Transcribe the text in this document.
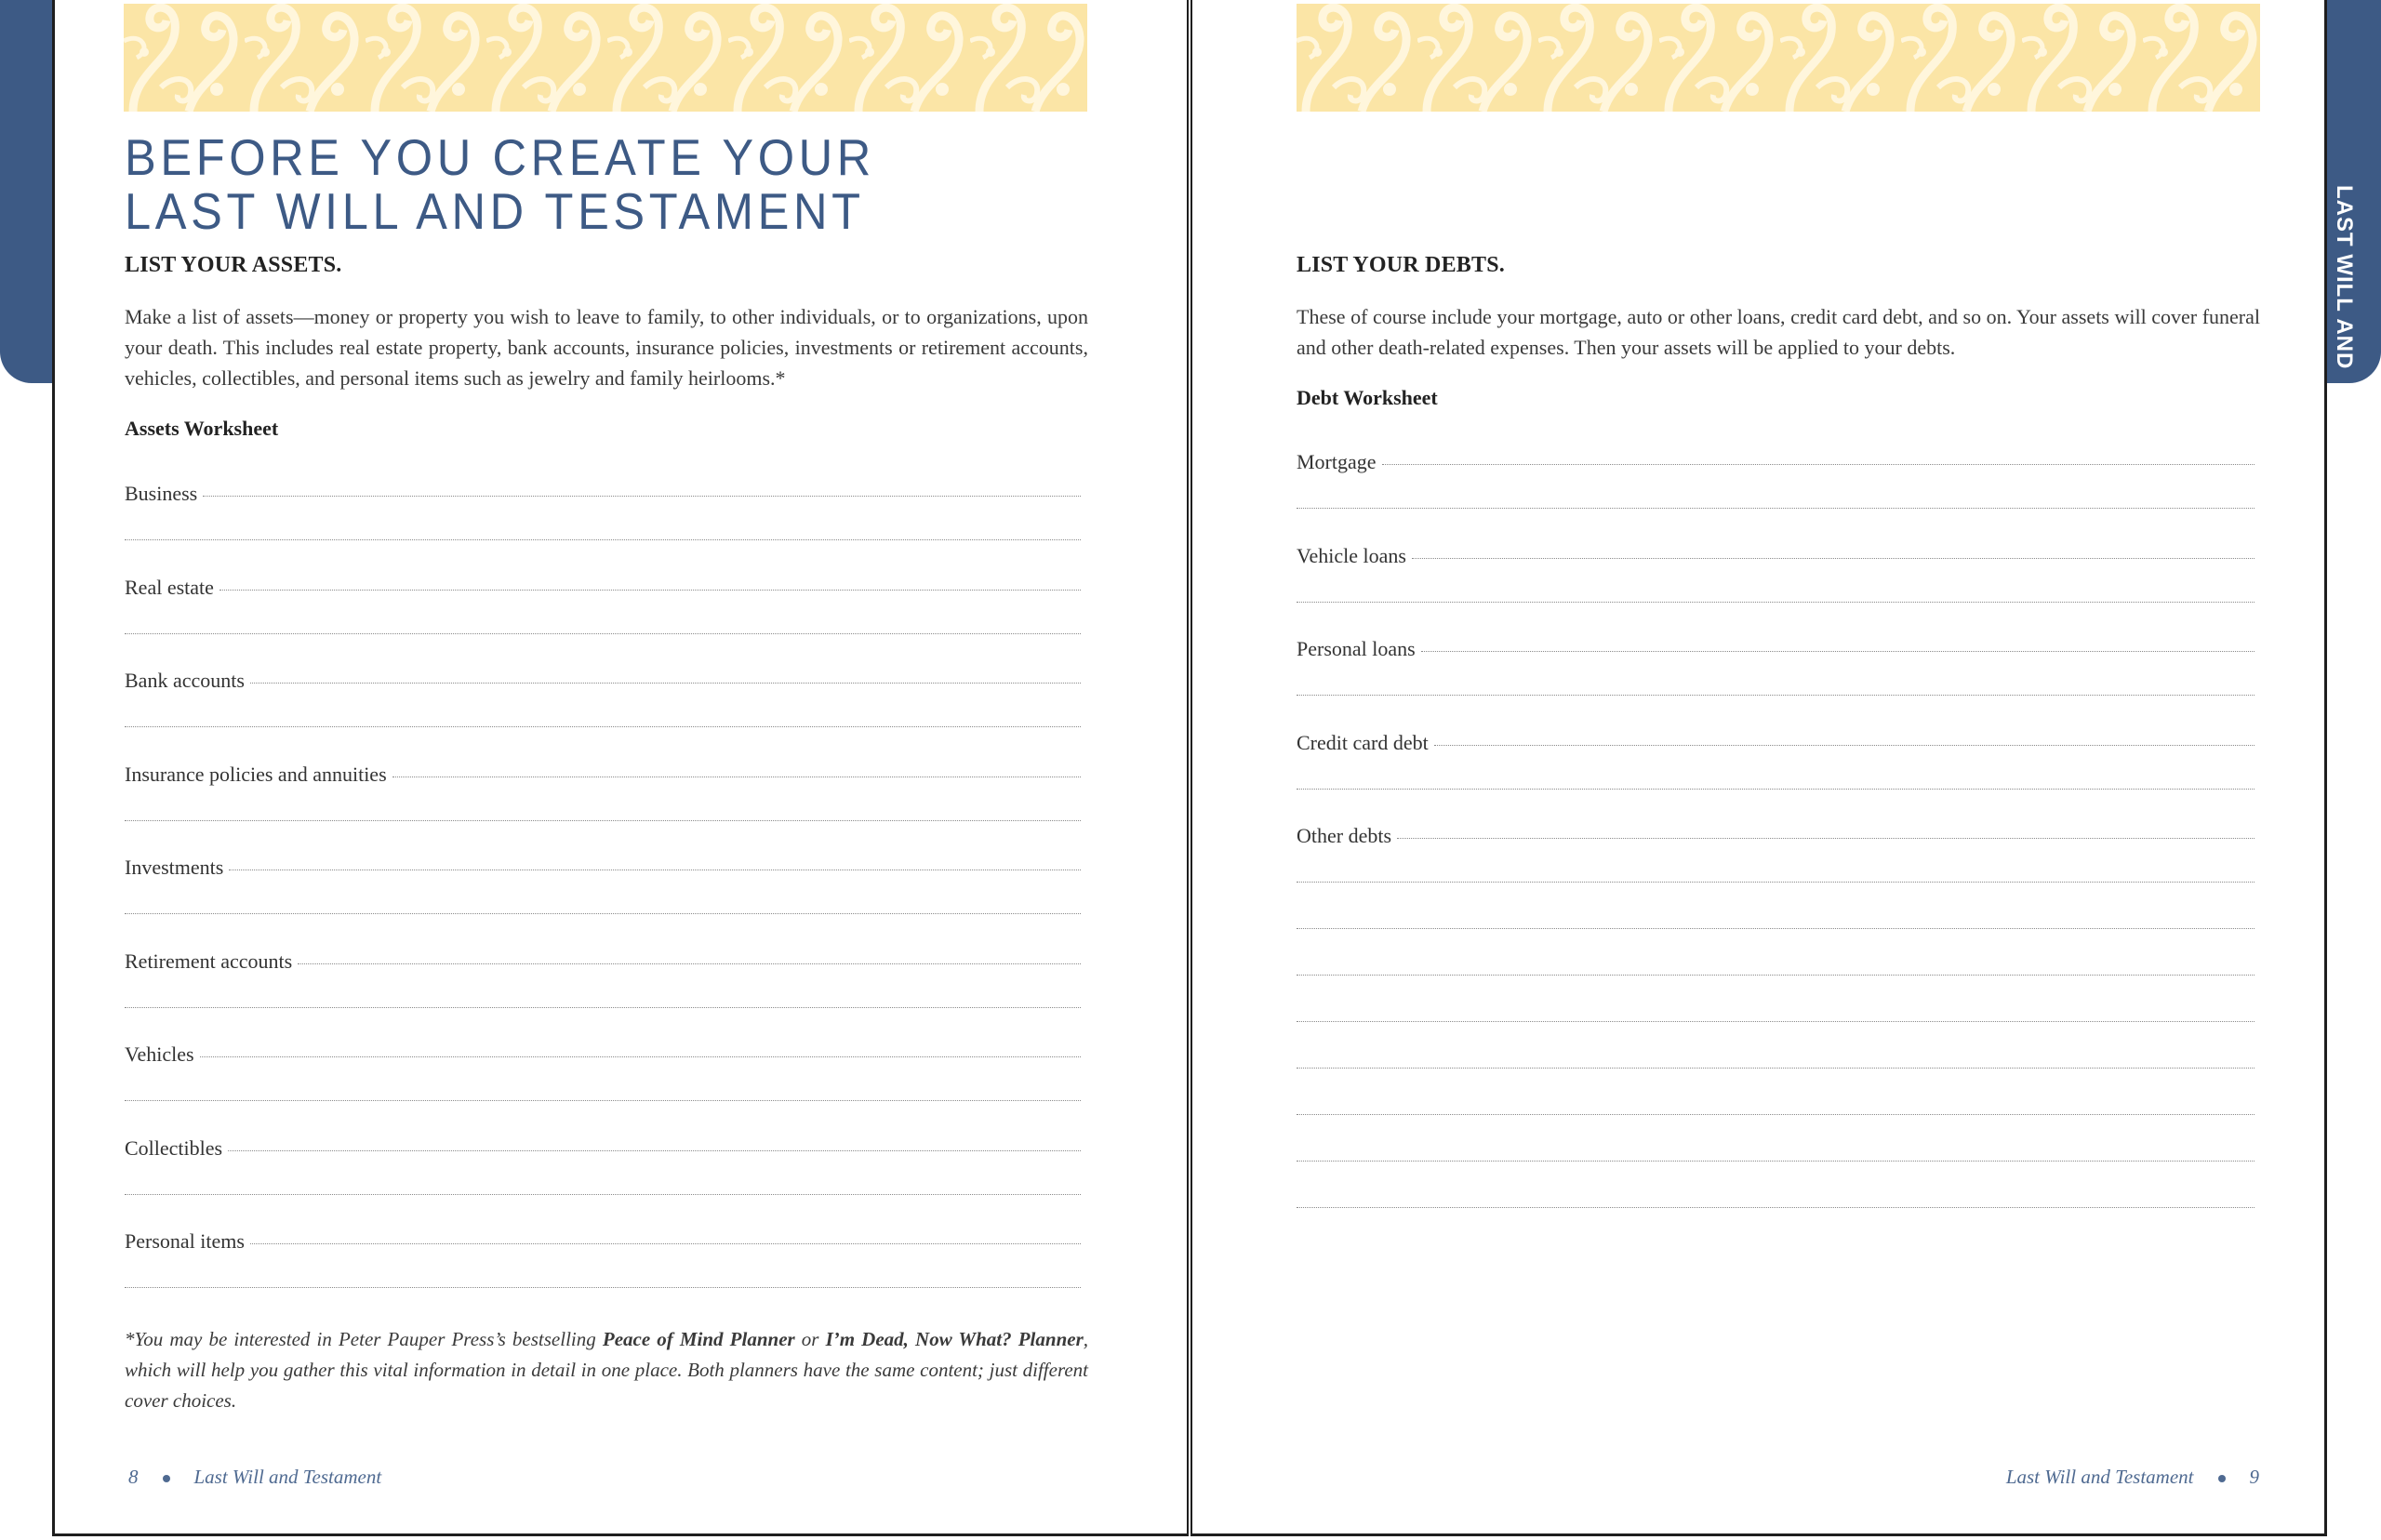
LAST WILL AND
BEFORE YOU CREATE YOUR
LAST WILL AND TESTAMENT
LIST YOUR ASSETS.
Make a list of assets—money or property you wish to leave to family, to other individuals, or to organizations, upon your death. This includes real estate property, bank accounts, insurance policies, investments or retirement accounts, vehicles, collectibles, and personal items such as jewelry and family heirlooms.*
Assets Worksheet
Business
Real estate
Bank accounts
Insurance policies and annuities
Investments
Retirement accounts
Vehicles
Collectibles
Personal items
*You may be interested in Peter Pauper Press’s bestselling Peace of Mind Planner or I’m Dead, Now What? Planner, which will help you gather this vital information in detail in one place. Both planners have the same content; just different cover choices.
8	Last Will and Testament
LIST YOUR DEBTS.
These of course include your mortgage, auto or other loans, credit card debt, and so on. Your assets will cover funeral and other death-related expenses. Then your assets will be applied to your debts.
Debt Worksheet
Mortgage
Vehicle loans
Personal loans
Credit card debt
Other debts
Last Will and Testament	9
